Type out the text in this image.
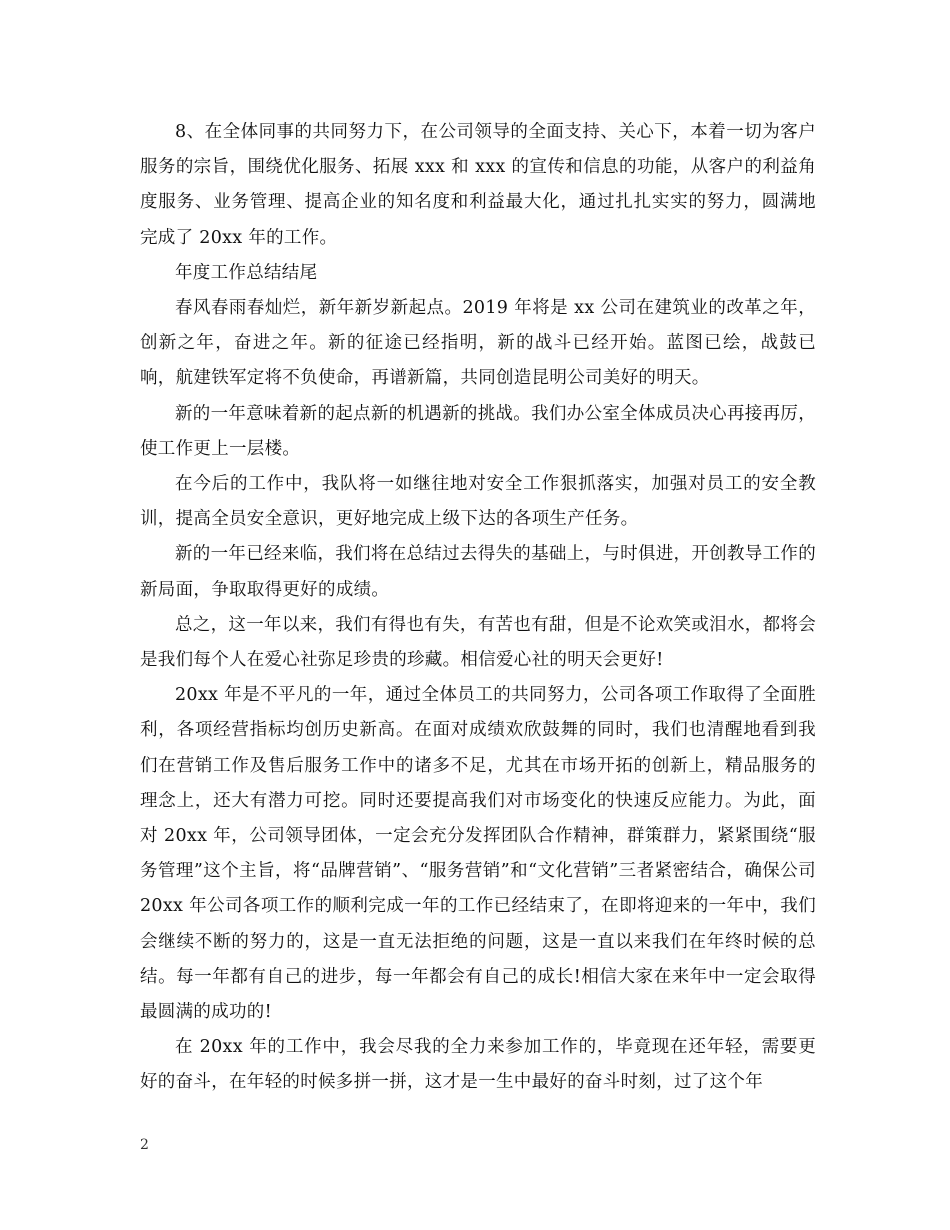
8、在全体同事的共同努力下，在公司领导的全面支持、关心下，本着一切为客户服务的宗旨，围绕优化服务、拓展 xxx 和 xxx 的宣传和信息的功能，从客户的利益角度服务、业务管理、提高企业的知名度和利益最大化，通过扎扎实实的努力，圆满地完成了 20xx 年的工作。

年度工作总结结尾

春风春雨春灿烂，新年新岁新起点。2019 年将是 xx 公司在建筑业的改革之年，创新之年，奋进之年。新的征途已经指明，新的战斗已经开始。蓝图已绘，战鼓已响，航建铁军定将不负使命，再谱新篇，共同创造昆明公司美好的明天。

新的一年意味着新的起点新的机遇新的挑战。我们办公室全体成员决心再接再厉，使工作更上一层楼。

在今后的工作中，我队将一如继往地对安全工作狠抓落实，加强对员工的安全教训，提高全员安全意识，更好地完成上级下达的各项生产任务。

新的一年已经来临，我们将在总结过去得失的基础上，与时俱进，开创教导工作的新局面，争取取得更好的成绩。

总之，这一年以来，我们有得也有失，有苦也有甜，但是不论欢笑或泪水，都将会是我们每个人在爱心社弥足珍贵的珍藏。相信爱心社的明天会更好!

20xx 年是不平凡的一年，通过全体员工的共同努力，公司各项工作取得了全面胜利，各项经营指标均创历史新高。在面对成绩欢欣鼓舞的同时，我们也清醒地看到我们在营销工作及售后服务工作中的诸多不足，尤其在市场开拓的创新上，精品服务的理念上，还大有潜力可挖。同时还要提高我们对市场变化的快速反应能力。为此，面对 20xx 年，公司领导团体，一定会充分发挥团队合作精神，群策群力，紧紧围绕“服务管理”这个主旨，将“品牌营销”、“服务营销”和“文化营销”三者紧密结合，确保公司 20xx 年公司各项工作的顺利完成一年的工作已经结束了，在即将迎来的一年中，我们会继续不断的努力的，这是一直无法拒绝的问题，这是一直以来我们在年终时候的总结。每一年都有自己的进步，每一年都会有自己的成长!相信大家在来年中一定会取得最圆满的成功的!

在 20xx 年的工作中，我会尽我的全力来参加工作的，毕竟现在还年轻，需要更好的奋斗，在年轻的时候多拼一拼，这才是一生中最好的奋斗时刻，过了这个年

2
